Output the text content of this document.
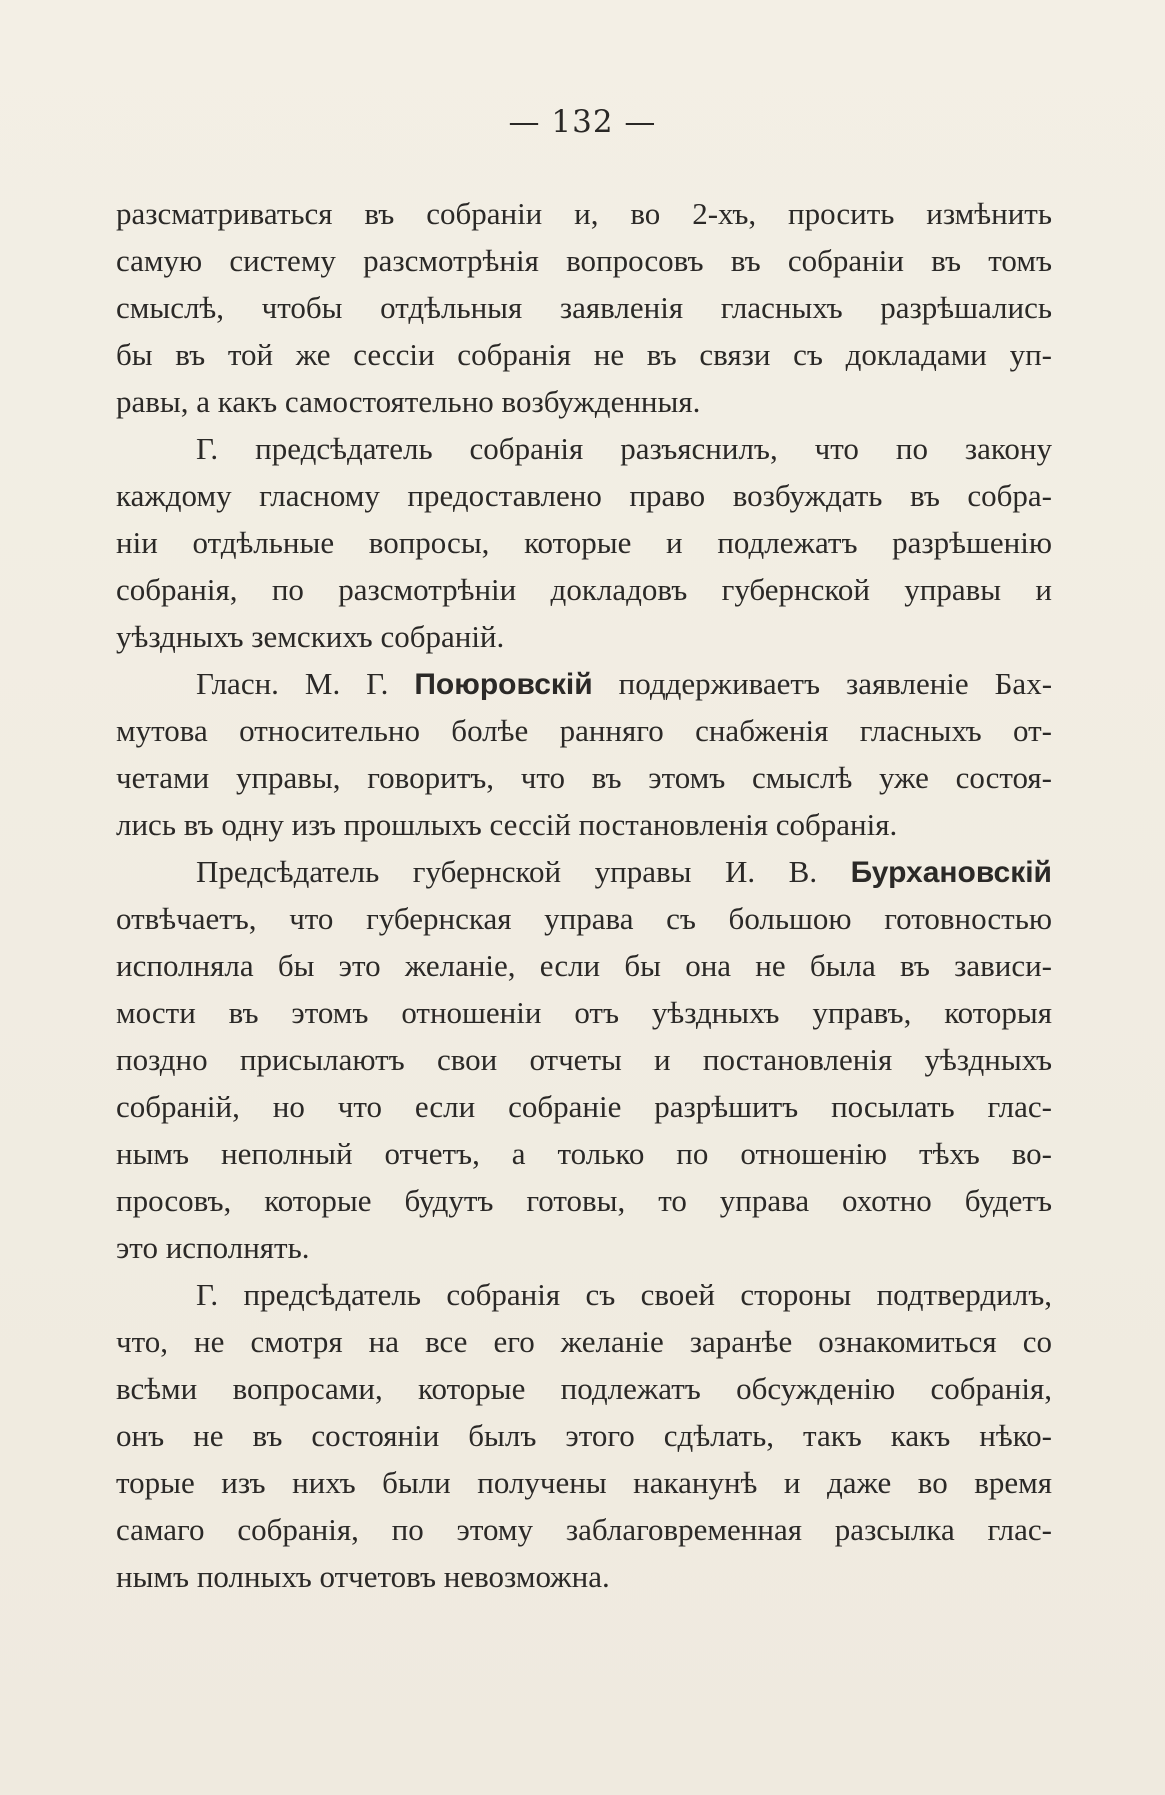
— 132 —
разсматриваться въ собраніи и, во 2-хъ, просить измѣнить
самую систему разсмотрѣнія вопросовъ въ собраніи въ томъ
смыслѣ, чтобы отдѣльныя заявленія гласныхъ разрѣшались
бы въ той же сессіи собранія не въ связи съ докладами уп-
равы, а какъ самостоятельно возбужденныя.
Г. предсѣдатель собранія разъяснилъ, что по закону
каждому гласному предоставлено право возбуждать въ собра-
ніи отдѣльные вопросы, которые и подлежатъ разрѣшенію
собранія, по разсмотрѣніи докладовъ губернской управы и
уѣздныхъ земскихъ собраній.
Гласн. М. Г. Поюровскій поддерживаетъ заявленіе Бах-
мутова относительно болѣе ранняго снабженія гласныхъ от-
четами управы, говоритъ, что въ этомъ смыслѣ уже состоя-
лись въ одну изъ прошлыхъ сессій постановленія собранія.
Предсѣдатель губернской управы И. В. Бурхановскій
отвѣчаетъ, что губернская управа съ большою готовностью
исполняла бы это желаніе, если бы она не была въ зависи-
мости въ этомъ отношеніи отъ уѣздныхъ управъ, которыя
поздно присылаютъ свои отчеты и постановленія уѣздныхъ
собраній, но что если собраніе разрѣшитъ посылать глас-
нымъ неполный отчетъ, а только по отношенію тѣхъ во-
просовъ, которые будутъ готовы, то управа охотно будетъ
это исполнять.
Г. предсѣдатель собранія съ своей стороны подтвердилъ,
что, не смотря на все его желаніе заранѣе ознакомиться со
всѣми вопросами, которые подлежатъ обсужденію собранія,
онъ не въ состояніи былъ этого сдѣлать, такъ какъ нѣко-
торые изъ нихъ были получены наканунѣ и даже во время
самаго собранія, по этому заблаговременная разсылка глас-
нымъ полныхъ отчетовъ невозможна.
